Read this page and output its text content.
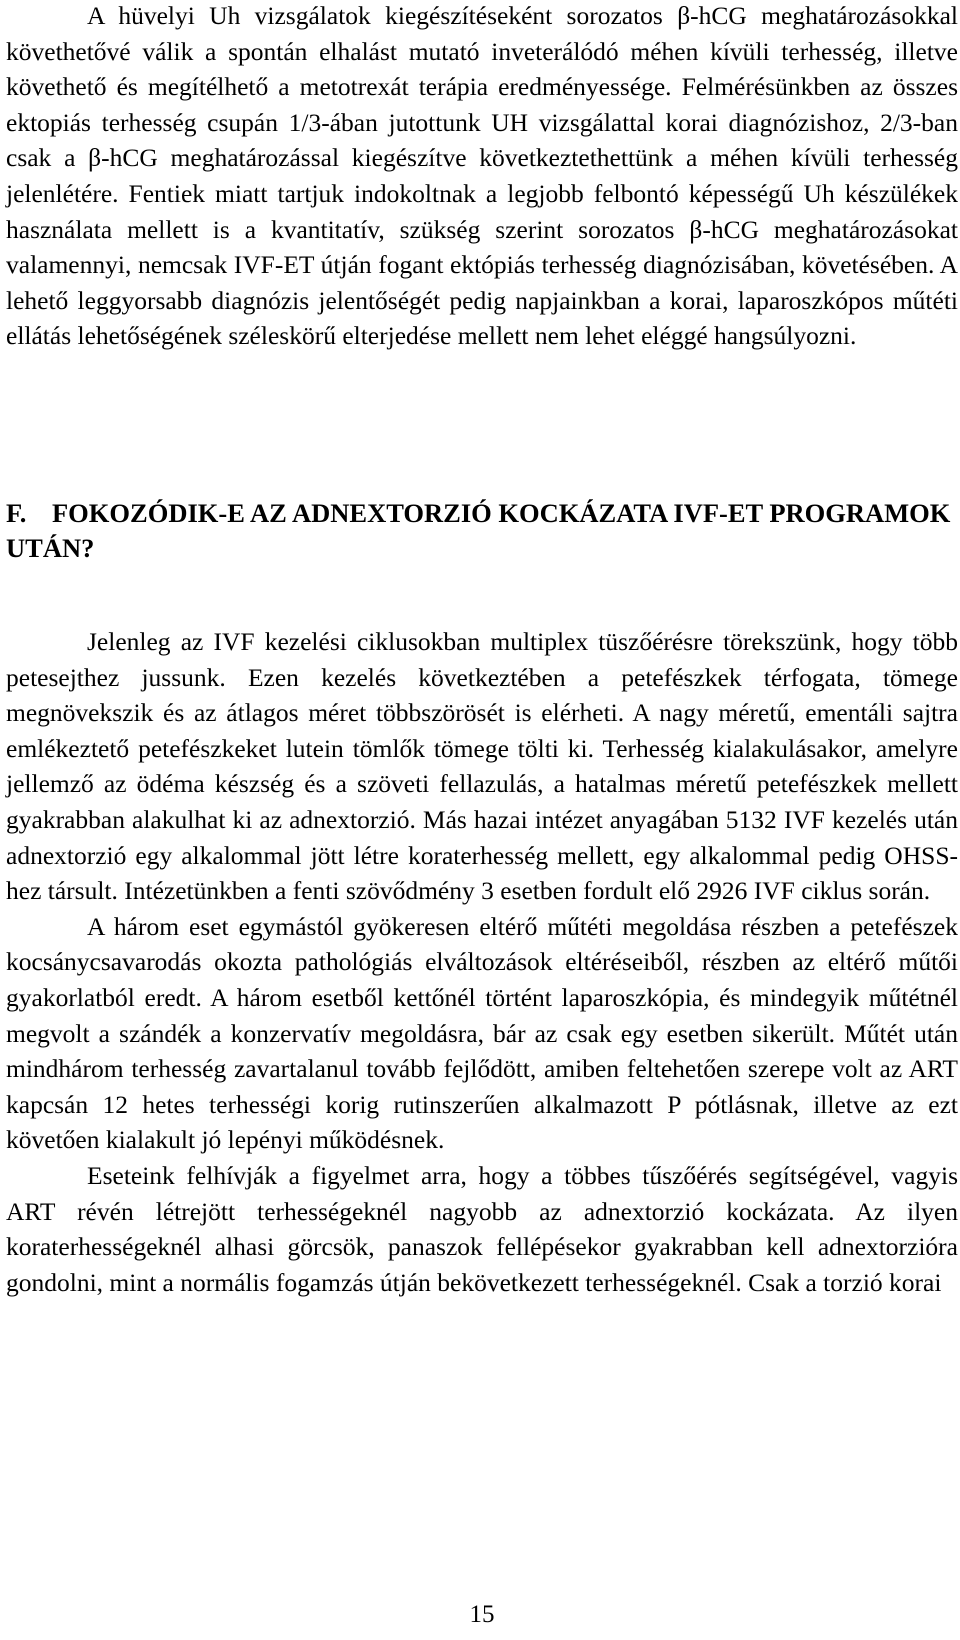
A hüvelyi Uh vizsgálatok kiegészítéseként sorozatos β-hCG meghatározásokkal követhetővé válik a spontán elhalást mutató inveterálódó méhen kívüli terhesség, illetve követhető és megítélhető a metotrexát terápia eredményessége. Felmérésünkben az összes ektopiás terhesség csupán 1/3-ában jutottunk UH vizsgálattal korai diagnózishoz, 2/3-ban csak a β-hCG meghatározással kiegészítve következtethettünk a méhen kívüli terhesség jelenlétére. Fentiek miatt tartjuk indokoltnak a legjobb felbontó képességű Uh készülékek használata mellett is a kvantitatív, szükség szerint sorozatos β-hCG meghatározásokat valamennyi, nemcsak IVF-ET útján fogant ektópiás terhesség diagnózisában, követésében. A lehető leggyorsabb diagnózis jelentőségét pedig napjainkban a korai, laparoszkópos műtéti ellátás lehetőségének széleskörű elterjedése mellett nem lehet eléggé hangsúlyozni.

F. FOKOZÓDIK-E AZ ADNEXTORZIÓ KOCKÁZATA IVF-ET PROGRAMOK UTÁN?

Jelenleg az IVF kezelési ciklusokban multiplex tüszőérésre törekszünk, hogy több petesejthez jussunk. Ezen kezelés következtében a petefészkek térfogata, tömege megnövekszik és az átlagos méret többszörösét is elérheti. A nagy méretű, ementáli sajtra emlékeztető petefészkeket lutein tömlők tömege tölti ki. Terhesség kialakulásakor, amelyre jellemző az ödéma készség és a szöveti fellazulás, a hatalmas méretű petefészkek mellett gyakrabban alakulhat ki az adnextorzió. Más hazai intézet anyagában 5132 IVF kezelés után adnextorzió egy alkalommal jött létre koraterhesség mellett, egy alkalommal pedig OHSS-hez társult. Intézetünkben a fenti szövődmény 3 esetben fordult elő 2926 IVF ciklus során.

A három eset egymástól gyökeresen eltérő műtéti megoldása részben a petefészek kocsánycsavarodás okozta pathológiás elváltozások eltéréseiből, részben az eltérő műtői gyakorlatból eredt. A három esetből kettőnél történt laparoszkópia, és mindegyik műtétnél megvolt a szándék a konzervatív megoldásra, bár az csak egy esetben sikerült. Műtét után mindhárom terhesség zavartalanul tovább fejlődött, amiben feltehetően szerepe volt az ART kapcsán 12 hetes terhességi korig rutinszerűen alkalmazott P pótlásnak, illetve az ezt követően kialakult jó lepényi működésnek.

Eseteink felhívják a figyelmet arra, hogy a többes tűszőérés segítségével, vagyis ART révén létrejött terhességeknél nagyobb az adnextorzió kockázata. Az ilyen koraterhességeknél alhasi görcsök, panaszok fellépésekor gyakrabban kell adnextorzióra gondolni, mint a normális fogamzás útján bekövetkezett terhességeknél. Csak a torzió korai

15
